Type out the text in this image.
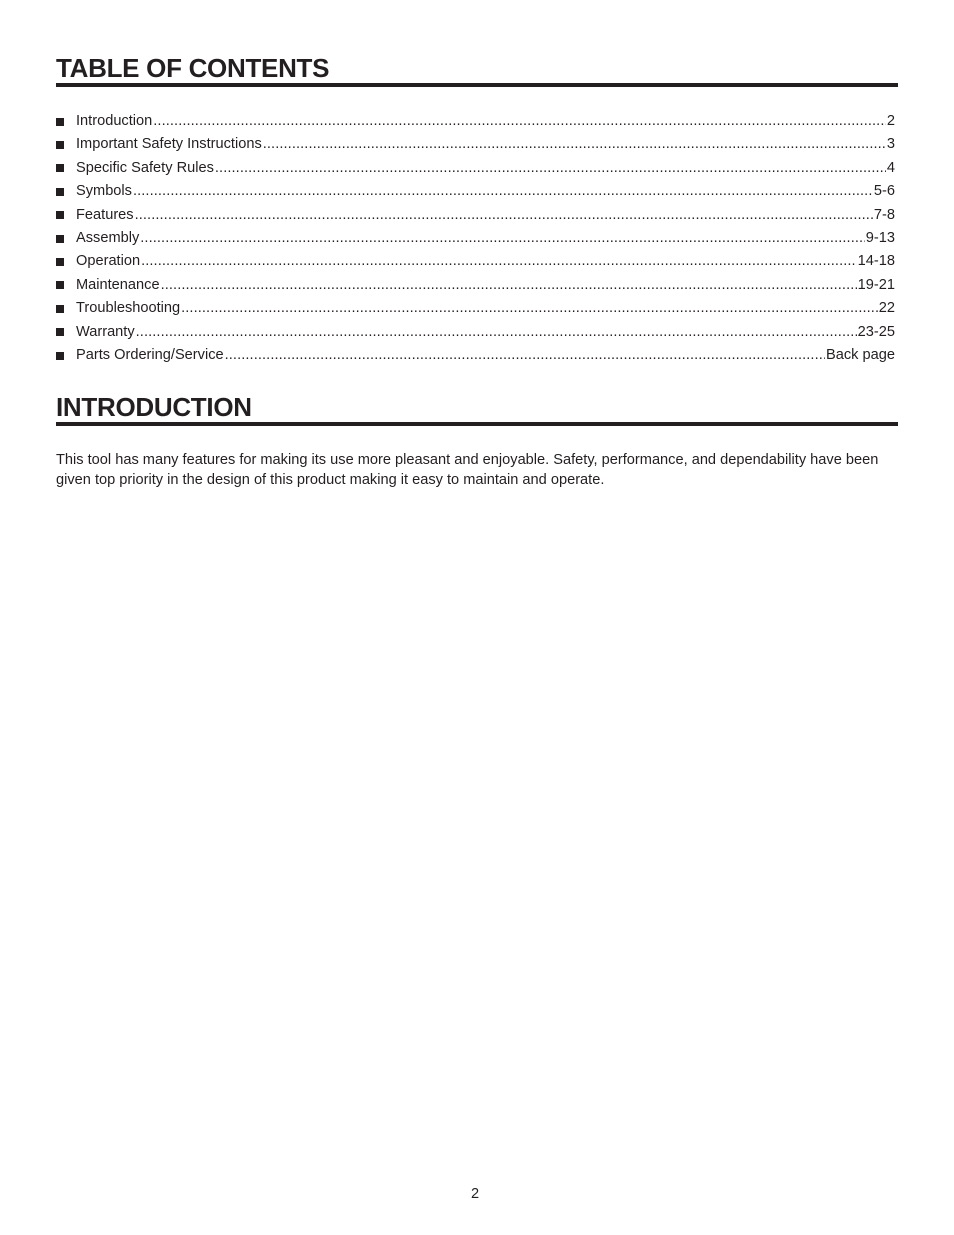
TABLE OF CONTENTS
Introduction .....	2
Important Safety Instructions .....	3
Specific Safety Rules .....	4
Symbols .....	5-6
Features .....	7-8
Assembly .....	9-13
Operation .....	14-18
Maintenance .....	19-21
Troubleshooting .....	22
Warranty .....	23-25
Parts Ordering/Service .....	Back page
INTRODUCTION

This tool has many features for making its use more pleasant and enjoyable. Safety, performance, and dependability have been given top priority in the design of this product making it easy to maintain and operate.

2
